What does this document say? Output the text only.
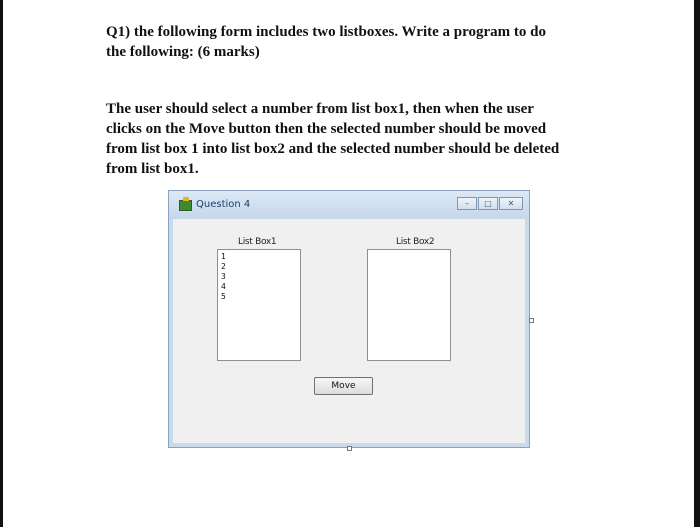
Q1) the following form includes two listboxes. Write a program to do
the following: (6 marks)
The user should select a number from list box1, then when the user
clicks on the Move button then the selected number should be moved
from list box 1 into list box2 and the selected number should be deleted
from list box1.
Question 4	–	□	✕
List Box1
1
2
3
4
5
List Box2
Move
